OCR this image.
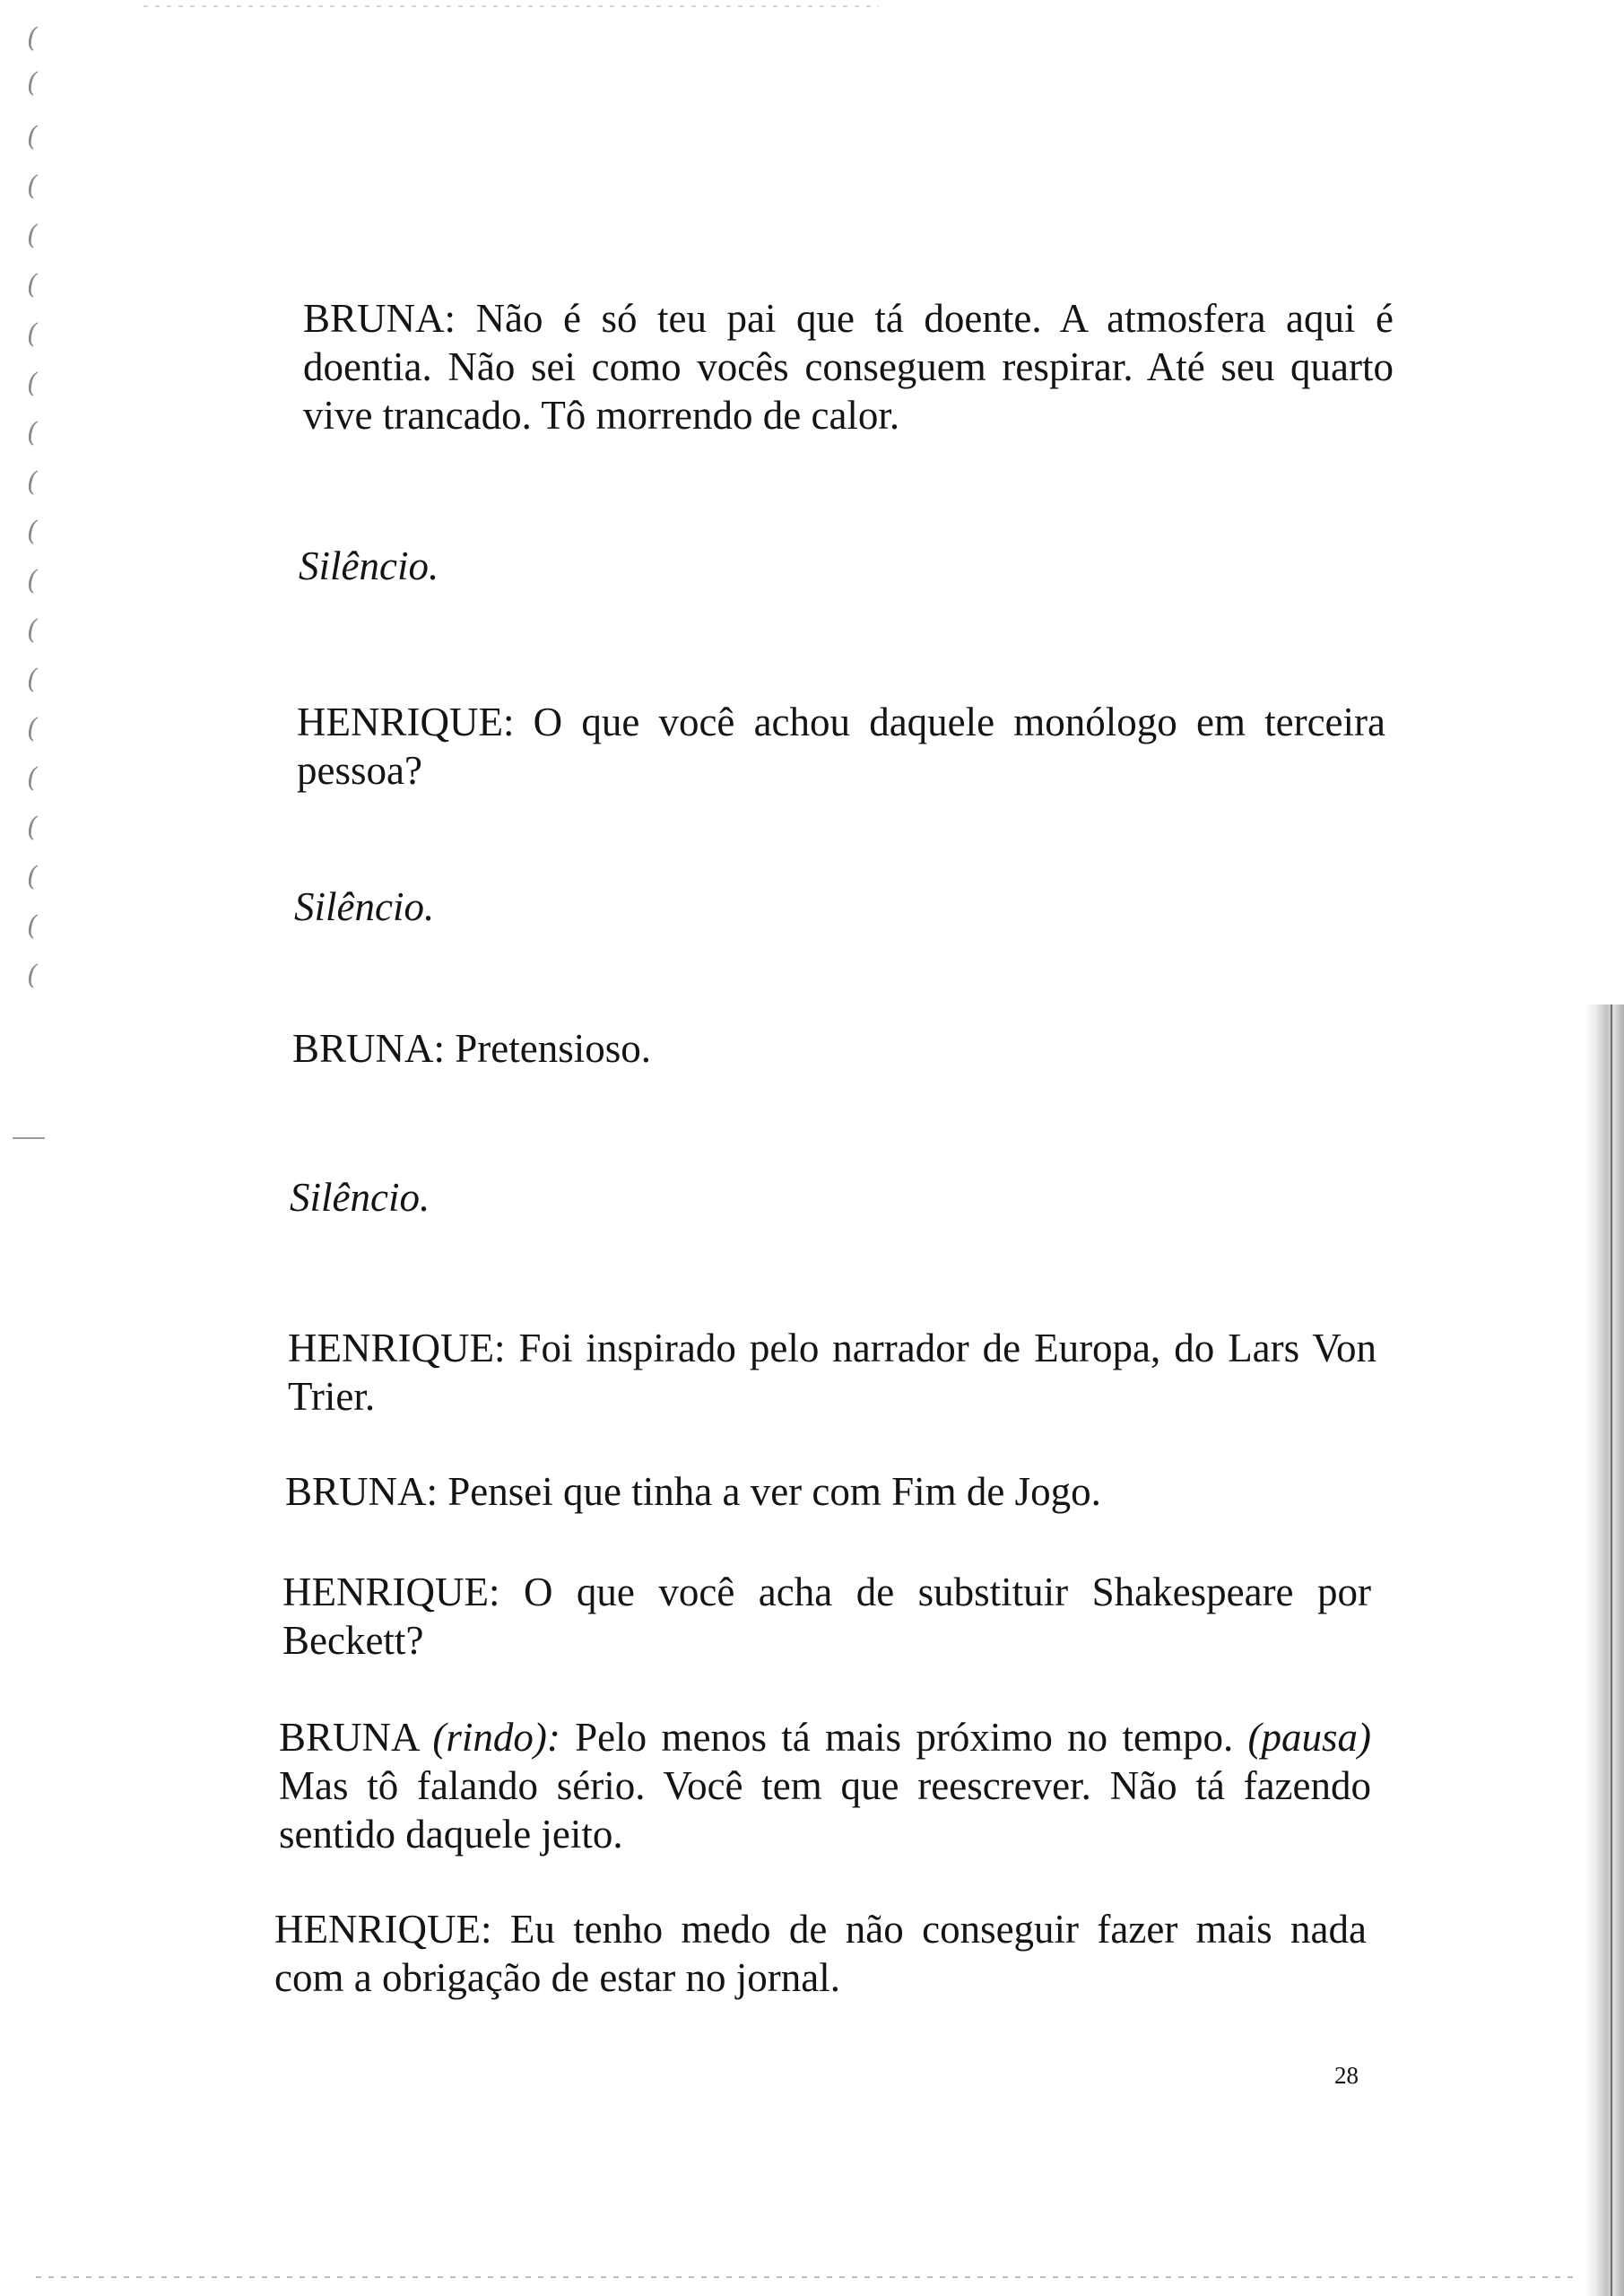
(
(
(
(
(
(
(
(
(
(
(
(
(
(
(
(
(
(
(
(

BRUNA: Não é só teu pai que tá doente. A atmosfera aqui é doentia. Não sei como vocês conseguem respirar. Até seu quarto vive trancado. Tô morrendo de calor.

Silêncio.

HENRIQUE: O que você achou daquele monólogo em terceira pessoa?

Silêncio.

BRUNA: Pretensioso.

Silêncio.

HENRIQUE: Foi inspirado pelo narrador de Europa, do Lars Von Trier.

BRUNA: Pensei que tinha a ver com Fim de Jogo.

HENRIQUE: O que você acha de substituir Shakespeare por Beckett?

BRUNA (rindo): Pelo menos tá mais próximo no tempo. (pausa) Mas tô falando sério. Você tem que reescrever. Não tá fazendo sentido daquele jeito.

HENRIQUE: Eu tenho medo de não conseguir fazer mais nada com a obrigação de estar no jornal.

28
